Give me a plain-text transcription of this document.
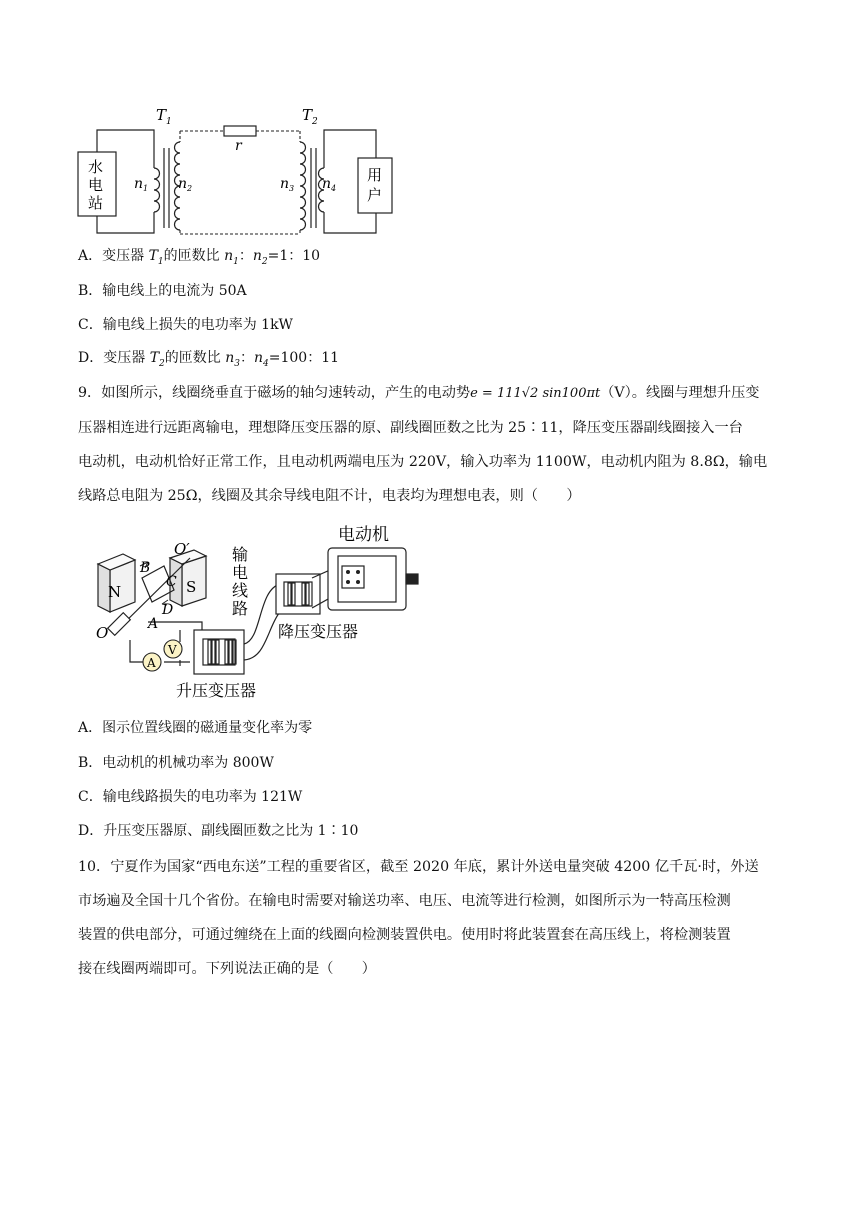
$T_1$	$T_2$
r
水
电
站
用
户
$n_1$ $n_2$	$n_3$ $n_4$
A．变压器 $T_1$的匝数比 $n_1$：$n_2=1$：10
B．输电线上的电流为 50A
C．输电线上损失的电功率为 1kW
D．变压器 $T_2$的匝数比 $n_3$：$n_4=100$：11
9．如图所示，线圈绕垂直于磁场的轴匀速转动，产生的电动势e = 111√2 sin100πt（V）。线圈与理想升压变
压器相连进行远距离输电，理想降压变压器的原、副线圈匝数之比为 25∶11，降压变压器副线圈接入一台
电动机，电动机恰好正常工作，且电动机两端电压为 220V，输入功率为 1100W，电动机内阻为 8.8Ω，输电
线路总电阻为 25Ω，线圈及其余导线电阻不计，电表均为理想电表，则（　　）
V
A
电动机
输
电
线
路
降压变压器
升压变压器
O′
O
B
C
D
A
N	S
A．图示位置线圈的磁通量变化率为零
B．电动机的机械功率为 800W
C．输电线路损失的电功率为 121W
D．升压变压器原、副线圈匝数之比为 1∶10
10．宁夏作为国家“西电东送”工程的重要省区，截至 2020 年底，累计外送电量突破 4200 亿千瓦·时，外送
市场遍及全国十几个省份。在输电时需要对输送功率、电压、电流等进行检测，如图所示为一特高压检测
装置的供电部分，可通过缠绕在上面的线圈向检测装置供电。使用时将此装置套在高压线上，将检测装置
接在线圈两端即可。下列说法正确的是（　　）
